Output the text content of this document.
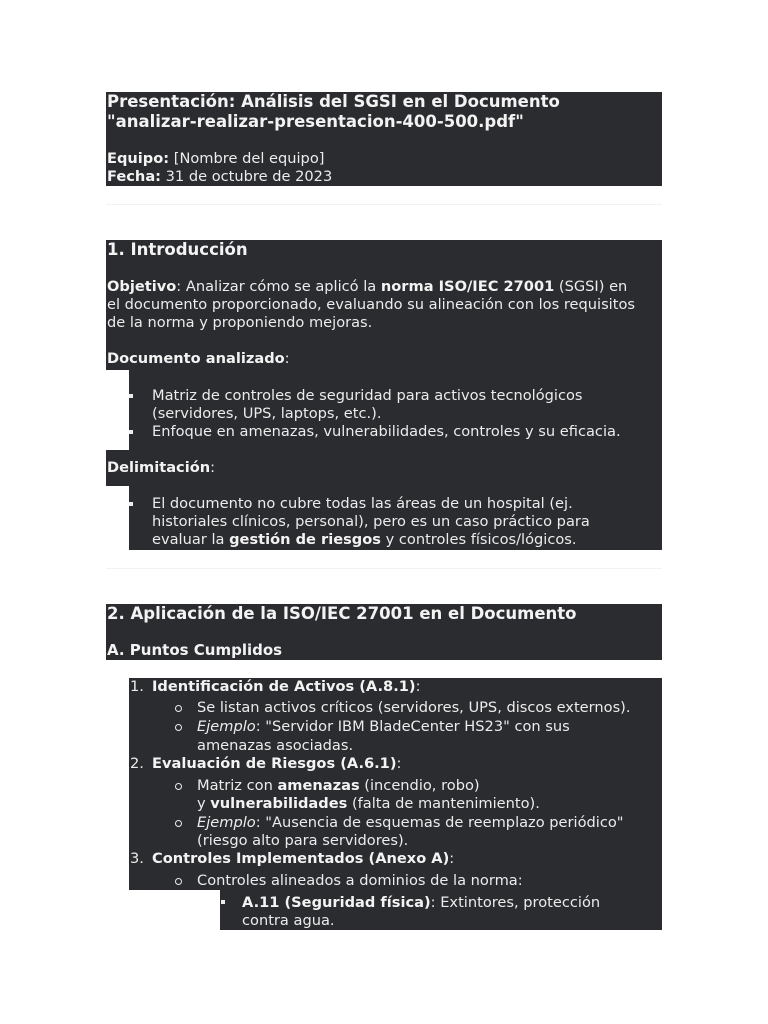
Presentación: Análisis del SGSI en el Documento
"analizar-realizar-presentacion-400-500.pdf"
Equipo: [Nombre del equipo]
Fecha: 31 de octubre de 2023
1. Introducción
Objetivo: Analizar cómo se aplicó la norma ISO/IEC 27001 (SGSI) en
el documento proporcionado, evaluando su alineación con los requisitos
de la norma y proponiendo mejoras.
Documento analizado:
Matriz de controles de seguridad para activos tecnológicos
(servidores, UPS, laptops, etc.).
Enfoque en amenazas, vulnerabilidades, controles y su eficacia.
Delimitación:
El documento no cubre todas las áreas de un hospital (ej.
historiales clínicos, personal), pero es un caso práctico para
evaluar la gestión de riesgos y controles físicos/lógicos.
2. Aplicación de la ISO/IEC 27001 en el Documento
A. Puntos Cumplidos
1. Identificación de Activos (A.8.1):
Se listan activos críticos (servidores, UPS, discos externos).
Ejemplo: "Servidor IBM BladeCenter HS23" con sus
amenazas asociadas.
2. Evaluación de Riesgos (A.6.1):
Matriz con amenazas (incendio, robo)
y vulnerabilidades (falta de mantenimiento).
Ejemplo: "Ausencia de esquemas de reemplazo periódico"
(riesgo alto para servidores).
3. Controles Implementados (Anexo A):
Controles alineados a dominios de la norma:
A.11 (Seguridad física): Extintores, protección
contra agua.
